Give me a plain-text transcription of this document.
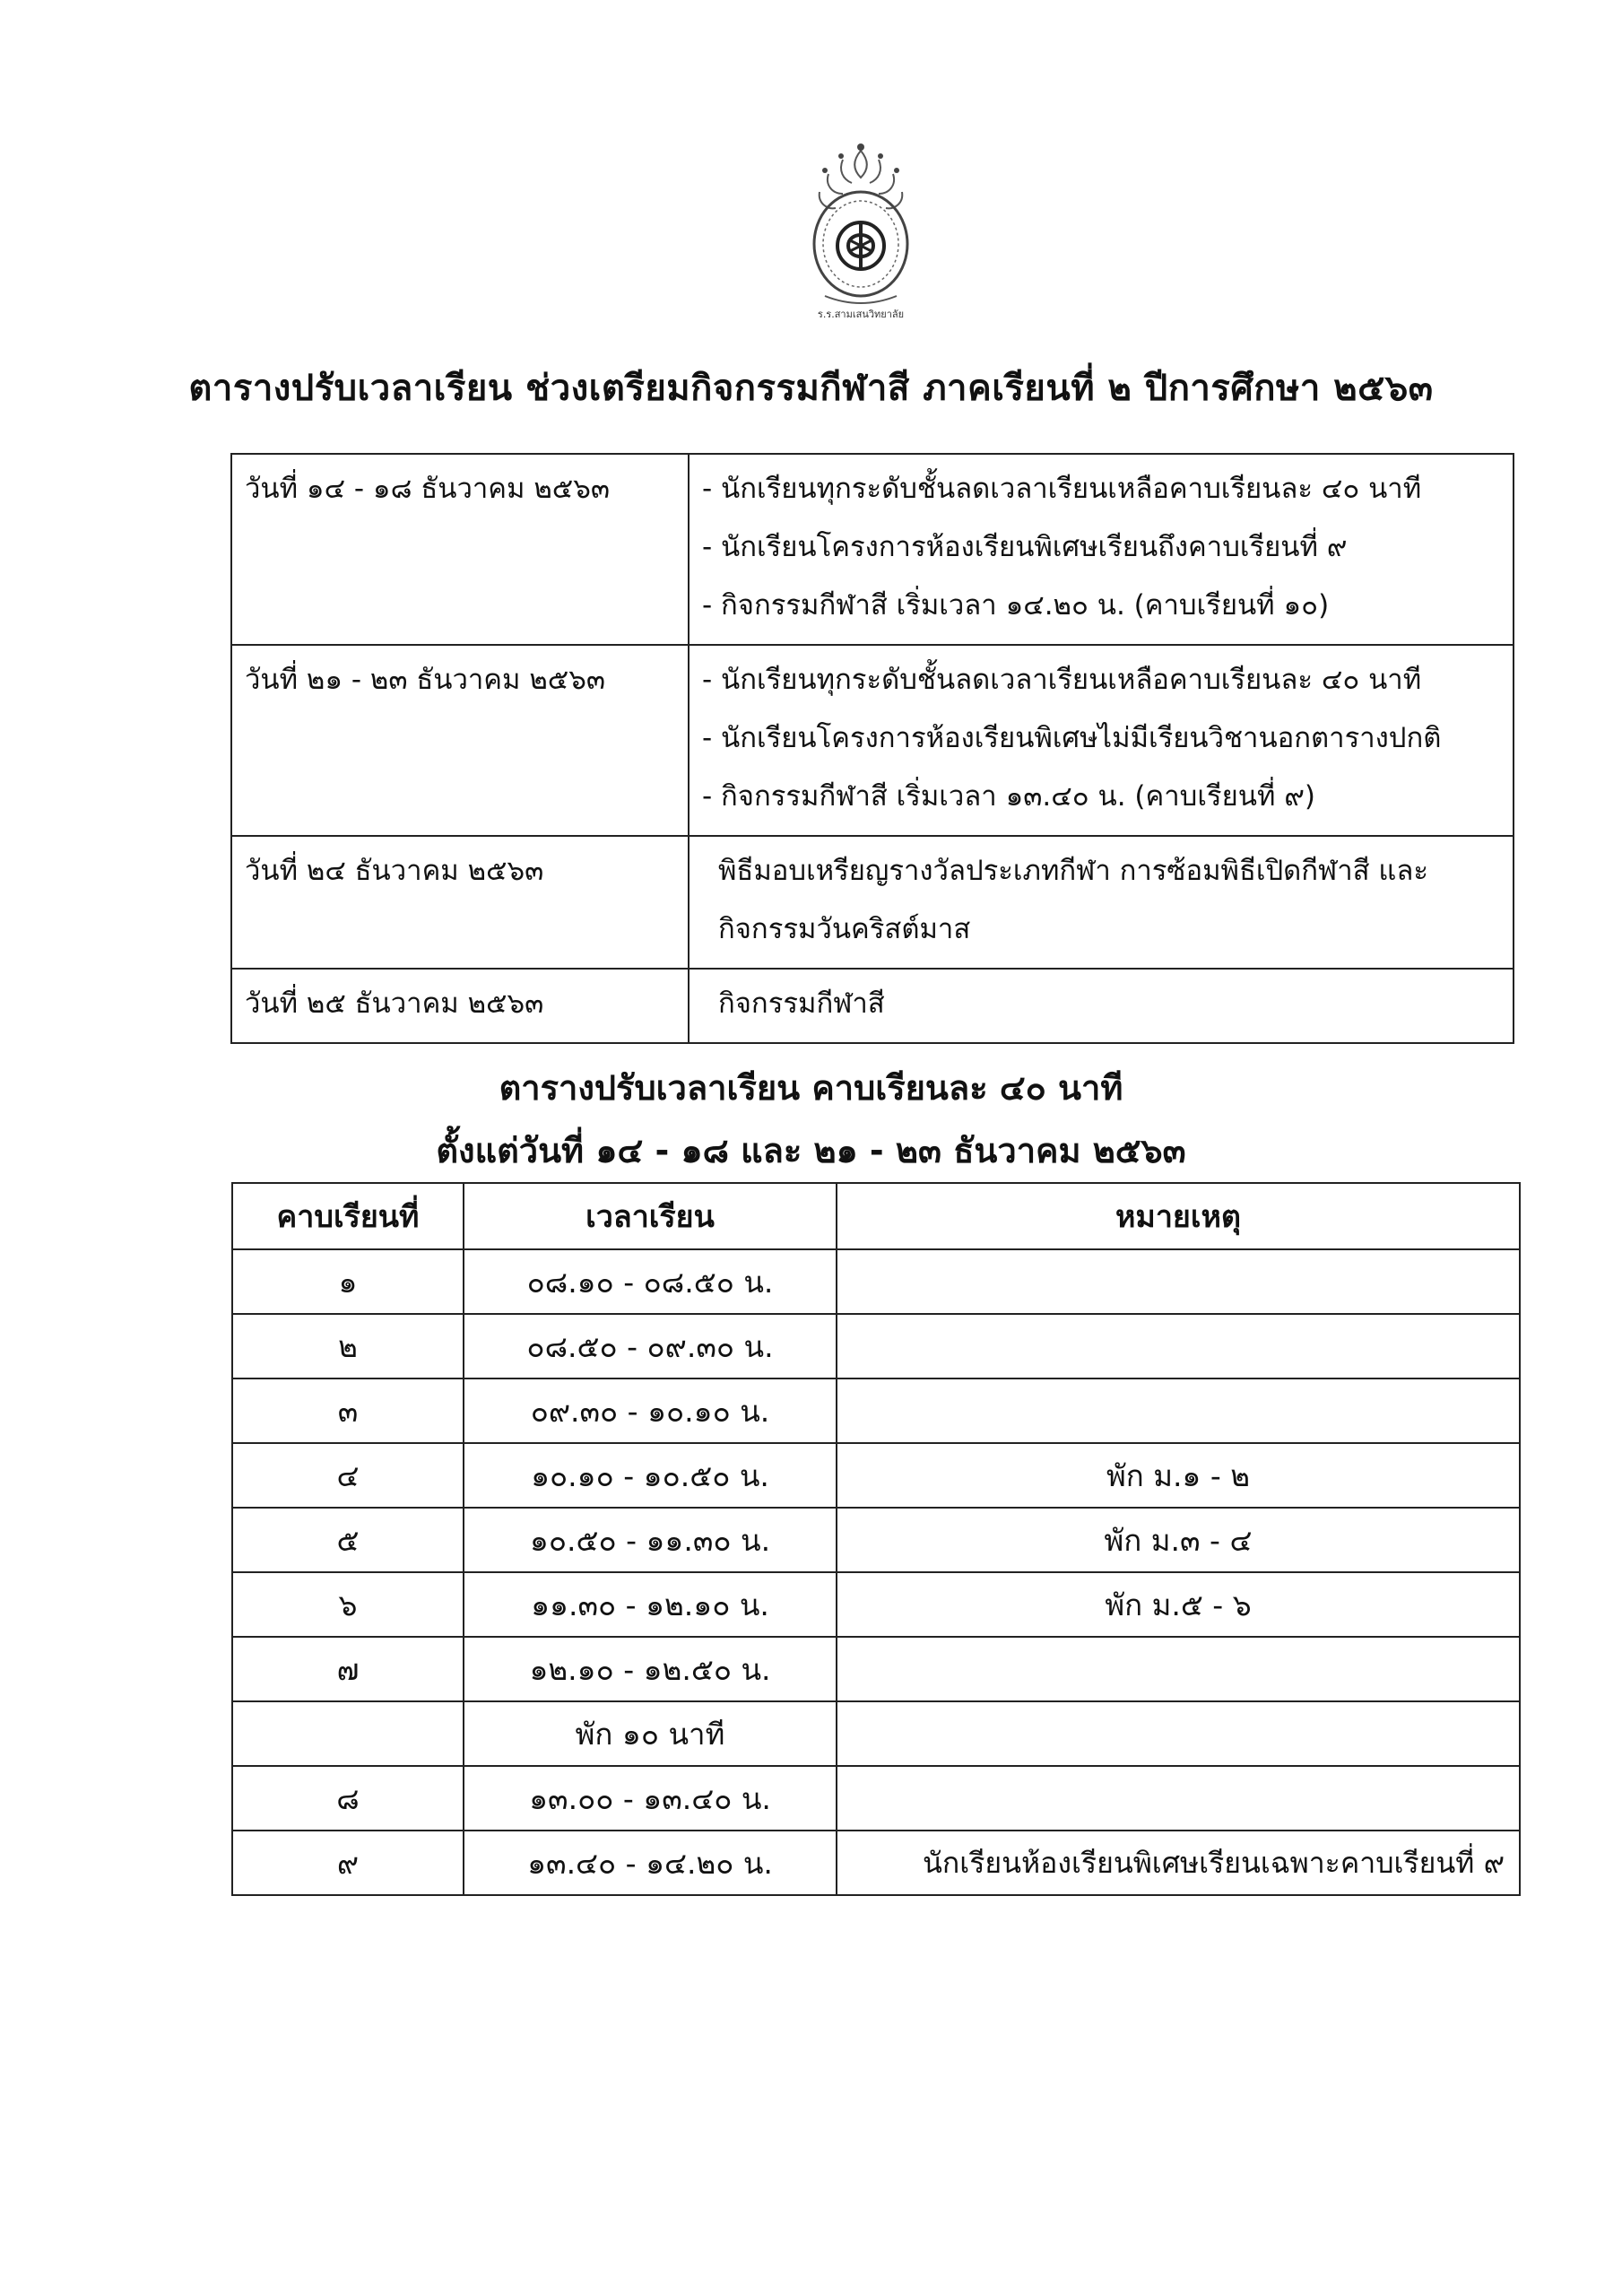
ร.ร.สามเสนวิทยาลัย
ตารางปรับเวลาเรียน ช่วงเตรียมกิจกรรมกีฬาสี ภาคเรียนที่ ๒ ปีการศึกษา ๒๕๖๓
วันที่ ๑๔ - ๑๘ ธันวาคม ๒๕๖๓	- นักเรียนทุกระดับชั้นลดเวลาเรียนเหลือคาบเรียนละ ๔๐ นาที
- นักเรียนโครงการห้องเรียนพิเศษเรียนถึงคาบเรียนที่ ๙
- กิจกรรมกีฬาสี เริ่มเวลา ๑๔.๒๐ น. (คาบเรียนที่ ๑๐)

วันที่ ๒๑ - ๒๓ ธันวาคม ๒๕๖๓	- นักเรียนทุกระดับชั้นลดเวลาเรียนเหลือคาบเรียนละ ๔๐ นาที
- นักเรียนโครงการห้องเรียนพิเศษไม่มีเรียนวิชานอกตารางปกติ
- กิจกรรมกีฬาสี เริ่มเวลา ๑๓.๔๐ น. (คาบเรียนที่ ๙)

วันที่ ๒๔ ธันวาคม ๒๕๖๓	พิธีมอบเหรียญรางวัลประเภทกีฬา การซ้อมพิธีเปิดกีฬาสี และ
กิจกรรมวันคริสต์มาส

วันที่ ๒๕ ธันวาคม ๒๕๖๓	กิจกรรมกีฬาสี
ตารางปรับเวลาเรียน คาบเรียนละ ๔๐ นาที
ตั้งแต่วันที่ ๑๔ - ๑๘ และ ๒๑ - ๒๓ ธันวาคม ๒๕๖๓
คาบเรียนที่	เวลาเรียน	หมายเหตุ
๑	๐๘.๑๐ - ๐๘.๕๐ น.	
๒	๐๘.๕๐ - ๐๙.๓๐ น.	
๓	๐๙.๓๐ - ๑๐.๑๐ น.	
๔	๑๐.๑๐ - ๑๐.๕๐ น.	พัก ม.๑ - ๒
๕	๑๐.๕๐ - ๑๑.๓๐ น.	พัก ม.๓ - ๔
๖	๑๑.๓๐ - ๑๒.๑๐ น.	พัก ม.๕ - ๖
๗	๑๒.๑๐ - ๑๒.๕๐ น.	
	พัก ๑๐ นาที	
๘	๑๓.๐๐ - ๑๓.๔๐ น.	
๙	๑๓.๔๐ - ๑๔.๒๐ น.	นักเรียนห้องเรียนพิเศษเรียนเฉพาะคาบเรียนที่ ๙
